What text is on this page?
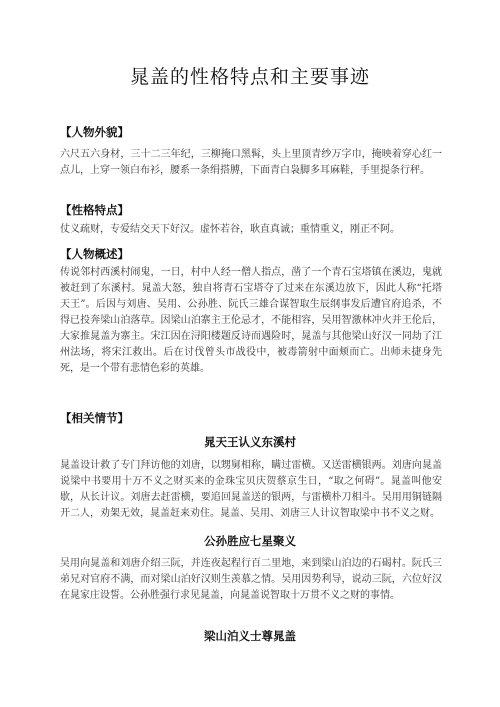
晁盖的性格特点和主要事迹
【人物外貌】

六尺五六身材，三十二三年纪，三柳掩口黑髯，头上里顶青纱万字巾，掩映着穿心红一点儿，上穿一领白布衫，腰系一条绢搭膊，下面青白袅脚多耳麻鞋，手里提条行秤。

【性格特点】

仗义疏财，专爱结交天下好汉。虚怀若谷，耿直真诚；重情重义，刚正不阿。

【人物概述】

传说邻村西溪村闹鬼，一日，村中人经一僧人指点，凿了一个青石宝塔镇在溪边，鬼就被赶到了东溪村。晁盖大怒，独自将青石宝塔夺了过来在东溪边放下，因此人称“托塔天王”。后因与刘唐、吴用、公孙胜、阮氏三雄合谋智取生辰纲事发后遭官府追杀，不得已投奔梁山泊落草。因梁山泊寨主王伦忌才，不能相容，吴用智激林冲火并王伦后，大家推晁盖为寨主。宋江因在浔阳楼题反诗而遇险时，晁盖与其他梁山好汉一同劫了江州法场，将宋江救出。后在讨伐曾头市战役中，被毒箭射中面颊而亡。出师未捷身先死，是一个带有悲情色彩的英雄。

【相关情节】
晁天王认义东溪村

晁盖设计救了专门拜访他的刘唐，以甥舅相称，瞒过雷横。又送雷横银两。刘唐向晁盖说梁中书要用十万不义之财买来的金珠宝贝庆贺蔡京生日，“取之何碍”。晁盖叫他安歇，从长计议。刘唐去赶雷横，要追回晁盖送的银两，与雷横朴刀相斗。吴用用铜链隔开二人，劝架无效，晁盖赶来劝住。晁盖、吴用、刘唐三人计议智取梁中书不义之财。

公孙胜应七星聚义

吴用向晁盖和刘唐介绍三阮，并连夜起程行百二里地，来到梁山泊边的石碣村。阮氏三弟兄对官府不满，而对梁山泊好汉则生羡慕之情。吴用因势利导，说动三阮，六位好汉在晁家庄设誓。公孙胜强行求见晁盖，向晁盖说智取十万贯不义之财的事情。

梁山泊义士尊晁盖
